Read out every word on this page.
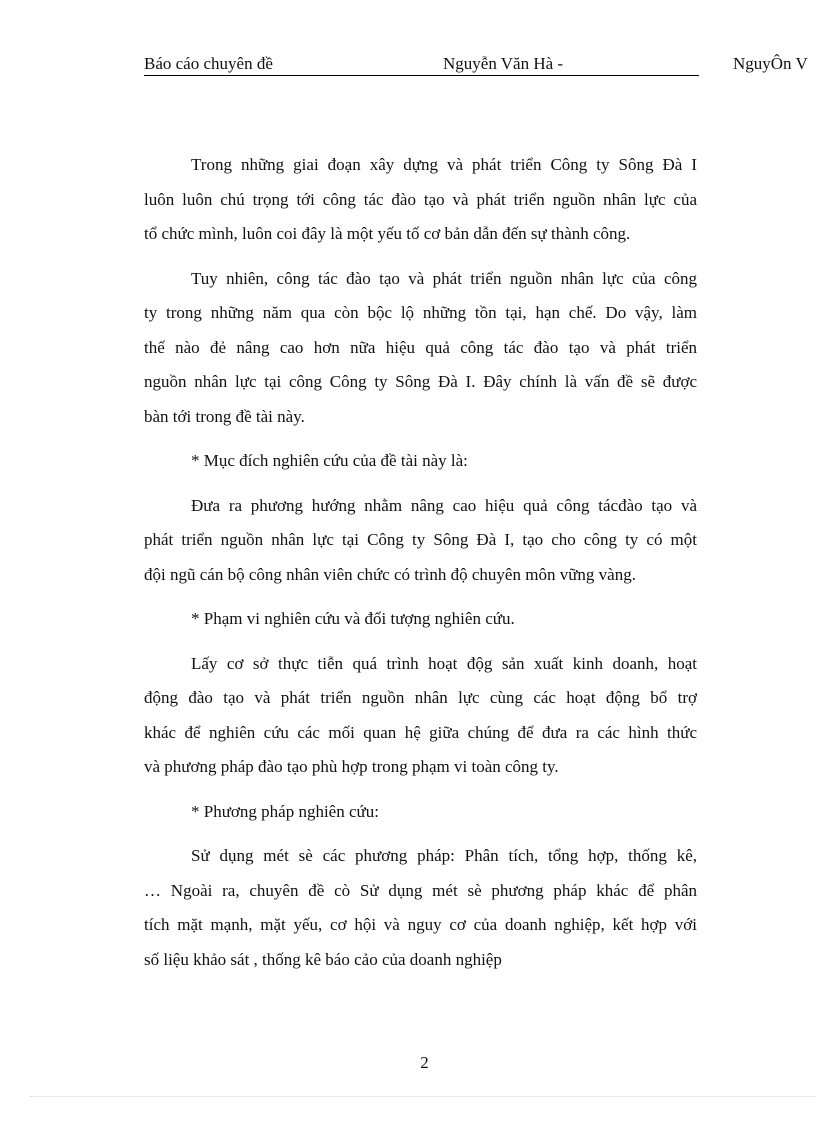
Báo cáo chuyên đề	Nguyễn Văn Hà -	NguyÔn V
Trong những giai đoạn xây dựng và phát triển Công ty Sông Đà I
luôn luôn chú trọng tới công tác đào tạo và phát triển nguồn nhân lực của
tổ chức mình, luôn coi đây là một yếu tố cơ bản dẫn đến sự thành công.
Tuy nhiên, công tác đào tạo và phát triển nguồn nhân lực của công
ty trong những năm qua còn bộc lộ những tồn tại, hạn chế. Do vậy, làm
thế nào đẻ nâng cao hơn nữa hiệu quả công tác đào tạo và phát triển
nguồn nhân lực tại công Công ty Sông Đà I. Đây chính là vấn đề sẽ được
bàn tới trong đề tài này.
* Mục đích nghiên cứu của đề tài này là:
Đưa ra phương hướng nhằm nâng cao hiệu quả công tácđào tạo và
phát triển nguồn nhân lực tại Công ty Sông Đà I, tạo cho công ty có một
đội ngũ cán bộ công nhân viên chức có trình độ chuyên môn vững vàng.
* Phạm vi nghiên cứu và đối tượng nghiên cứu.
Lấy cơ sở thực tiễn quá trình hoạt độg sản xuất kinh doanh, hoạt
động đào tạo và phát triển nguồn nhân lực cùng các hoạt động bổ trợ
khác để nghiên cứu các mối quan hệ giữa chúng để đưa ra các hình thức
và phương pháp đào tạo phù hợp trong phạm vi toàn công ty.
* Phương pháp nghiên cứu:
Sử dụng mét sè các phương pháp: Phân tích, tổng hợp, thống kê,
… Ngoài ra, chuyên đề cò Sử dụng mét sè phương pháp khác để phân
tích mặt mạnh, mặt yếu, cơ hội và nguy cơ của doanh nghiệp, kết hợp với
số liệu khảo sát , thống kê báo cảo của doanh nghiệp
2
